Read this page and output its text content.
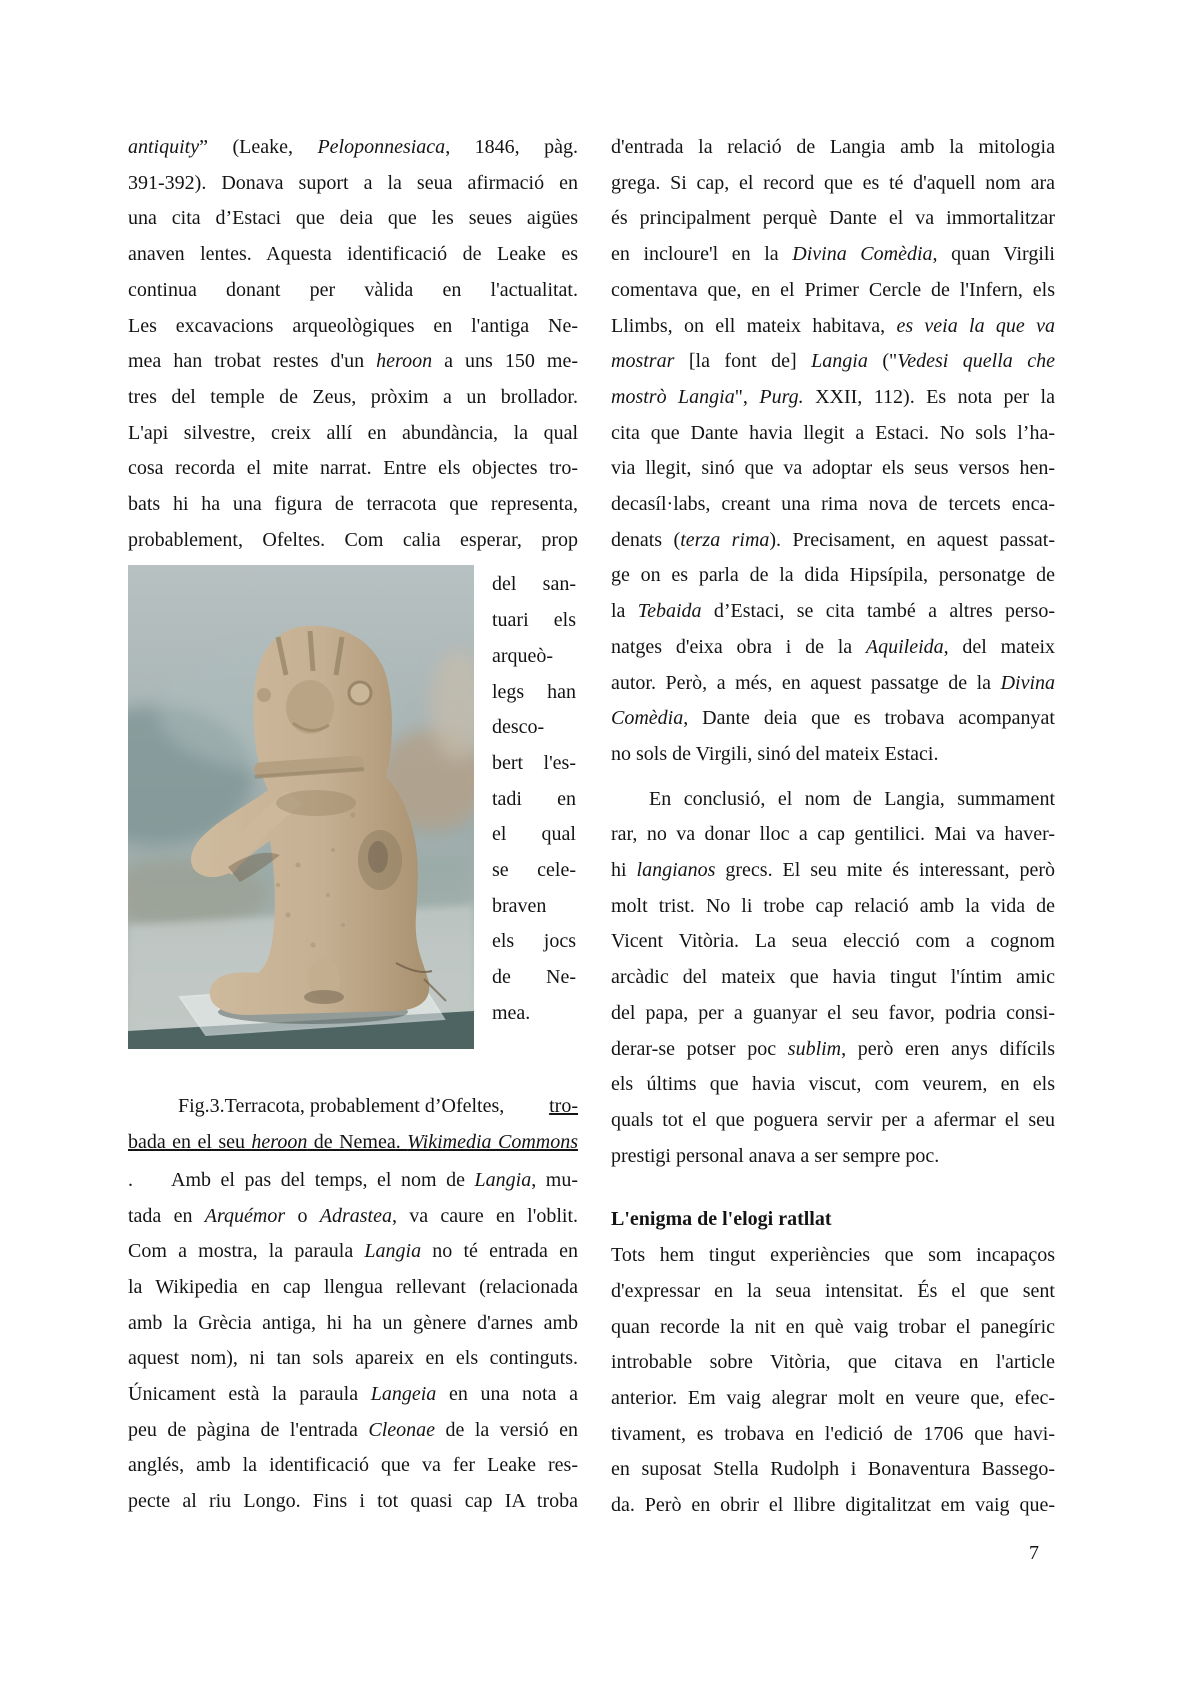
antiquity” (Leake, Peloponnesiaca, 1846, pàg.
391-392). Donava suport a la seua afirmació en
una cita d’Estaci que deia que les seues aigües
anaven lentes. Aquesta identificació de Leake es
continua donant per vàlida en l'actualitat.
Les excavacions arqueològiques en l'antiga Ne-
mea han trobat restes d'un heroon a uns 150 me-
tres del temple de Zeus, pròxim a un brollador.
L'api silvestre, creix allí en abundància, la qual
cosa recorda el mite narrat. Entre els objectes tro-
bats hi ha una figura de terracota que representa,
probablement, Ofeltes. Com calia esperar, prop
del san-
tuari els
arqueò-
legs han
desco-
bert l'es-
tadi en
el qual
se cele-
braven
els jocs
de Ne-
mea.
Fig.3.Terracota, probablement d’Ofeltes, tro-
bada en el seu heroon de Nemea. Wikimedia Commons
. Amb el pas del temps, el nom de Langia, mu-
tada en Arquémor o Adrastea, va caure en l'oblit.
Com a mostra, la paraula Langia no té entrada en
la Wikipedia en cap llengua rellevant (relacionada
amb la Grècia antiga, hi ha un gènere d'arnes amb
aquest nom), ni tan sols apareix en els continguts.
Únicament està la paraula Langeia en una nota a
peu de pàgina de l'entrada Cleonae de la versió en
anglés, amb la identificació que va fer Leake res-
pecte al riu Longo. Fins i tot quasi cap IA troba
d'entrada la relació de Langia amb la mitologia
grega. Si cap, el record que es té d'aquell nom ara
és principalment perquè Dante el va immortalitzar
en incloure'l en la Divina Comèdia, quan Virgili
comentava que, en el Primer Cercle de l'Infern, els
Llimbs, on ell mateix habitava, es veia la que va
mostrar [la font de] Langia ("Vedesi quella che
mostrò Langia", Purg. XXII, 112). Es nota per la
cita que Dante havia llegit a Estaci. No sols l’ha-
via llegit, sinó que va adoptar els seus versos hen-
decasíl·labs, creant una rima nova de tercets enca-
denats (terza rima). Precisament, en aquest passat-
ge on es parla de la dida Hipsípila, personatge de
la Tebaida d’Estaci, se cita també a altres perso-
natges d'eixa obra i de la Aquileida, del mateix
autor. Però, a més, en aquest passatge de la Divina
Comèdia, Dante deia que es trobava acompanyat
no sols de Virgili, sinó del mateix Estaci.
En conclusió, el nom de Langia, summament
rar, no va donar lloc a cap gentilici. Mai va haver-
hi langianos grecs. El seu mite és interessant, però
molt trist. No li trobe cap relació amb la vida de
Vicent Vitòria. La seua elecció com a cognom
arcàdic del mateix que havia tingut l'íntim amic
del papa, per a guanyar el seu favor, podria consi-
derar-se potser poc sublim, però eren anys difícils
els últims que havia viscut, com veurem, en els
quals tot el que poguera servir per a afermar el seu
prestigi personal anava a ser sempre poc.
L'enigma de l'elogi ratllat
Tots hem tingut experiències que som incapaços
d'expressar en la seua intensitat. És el que sent
quan recorde la nit en què vaig trobar el panegíric
introbable sobre Vitòria, que citava en l'article
anterior. Em vaig alegrar molt en veure que, efec-
tivament, es trobava en l'edició de 1706 que havi-
en suposat Stella Rudolph i Bonaventura Bassego-
da. Però en obrir el llibre digitalitzat em vaig que-
7
